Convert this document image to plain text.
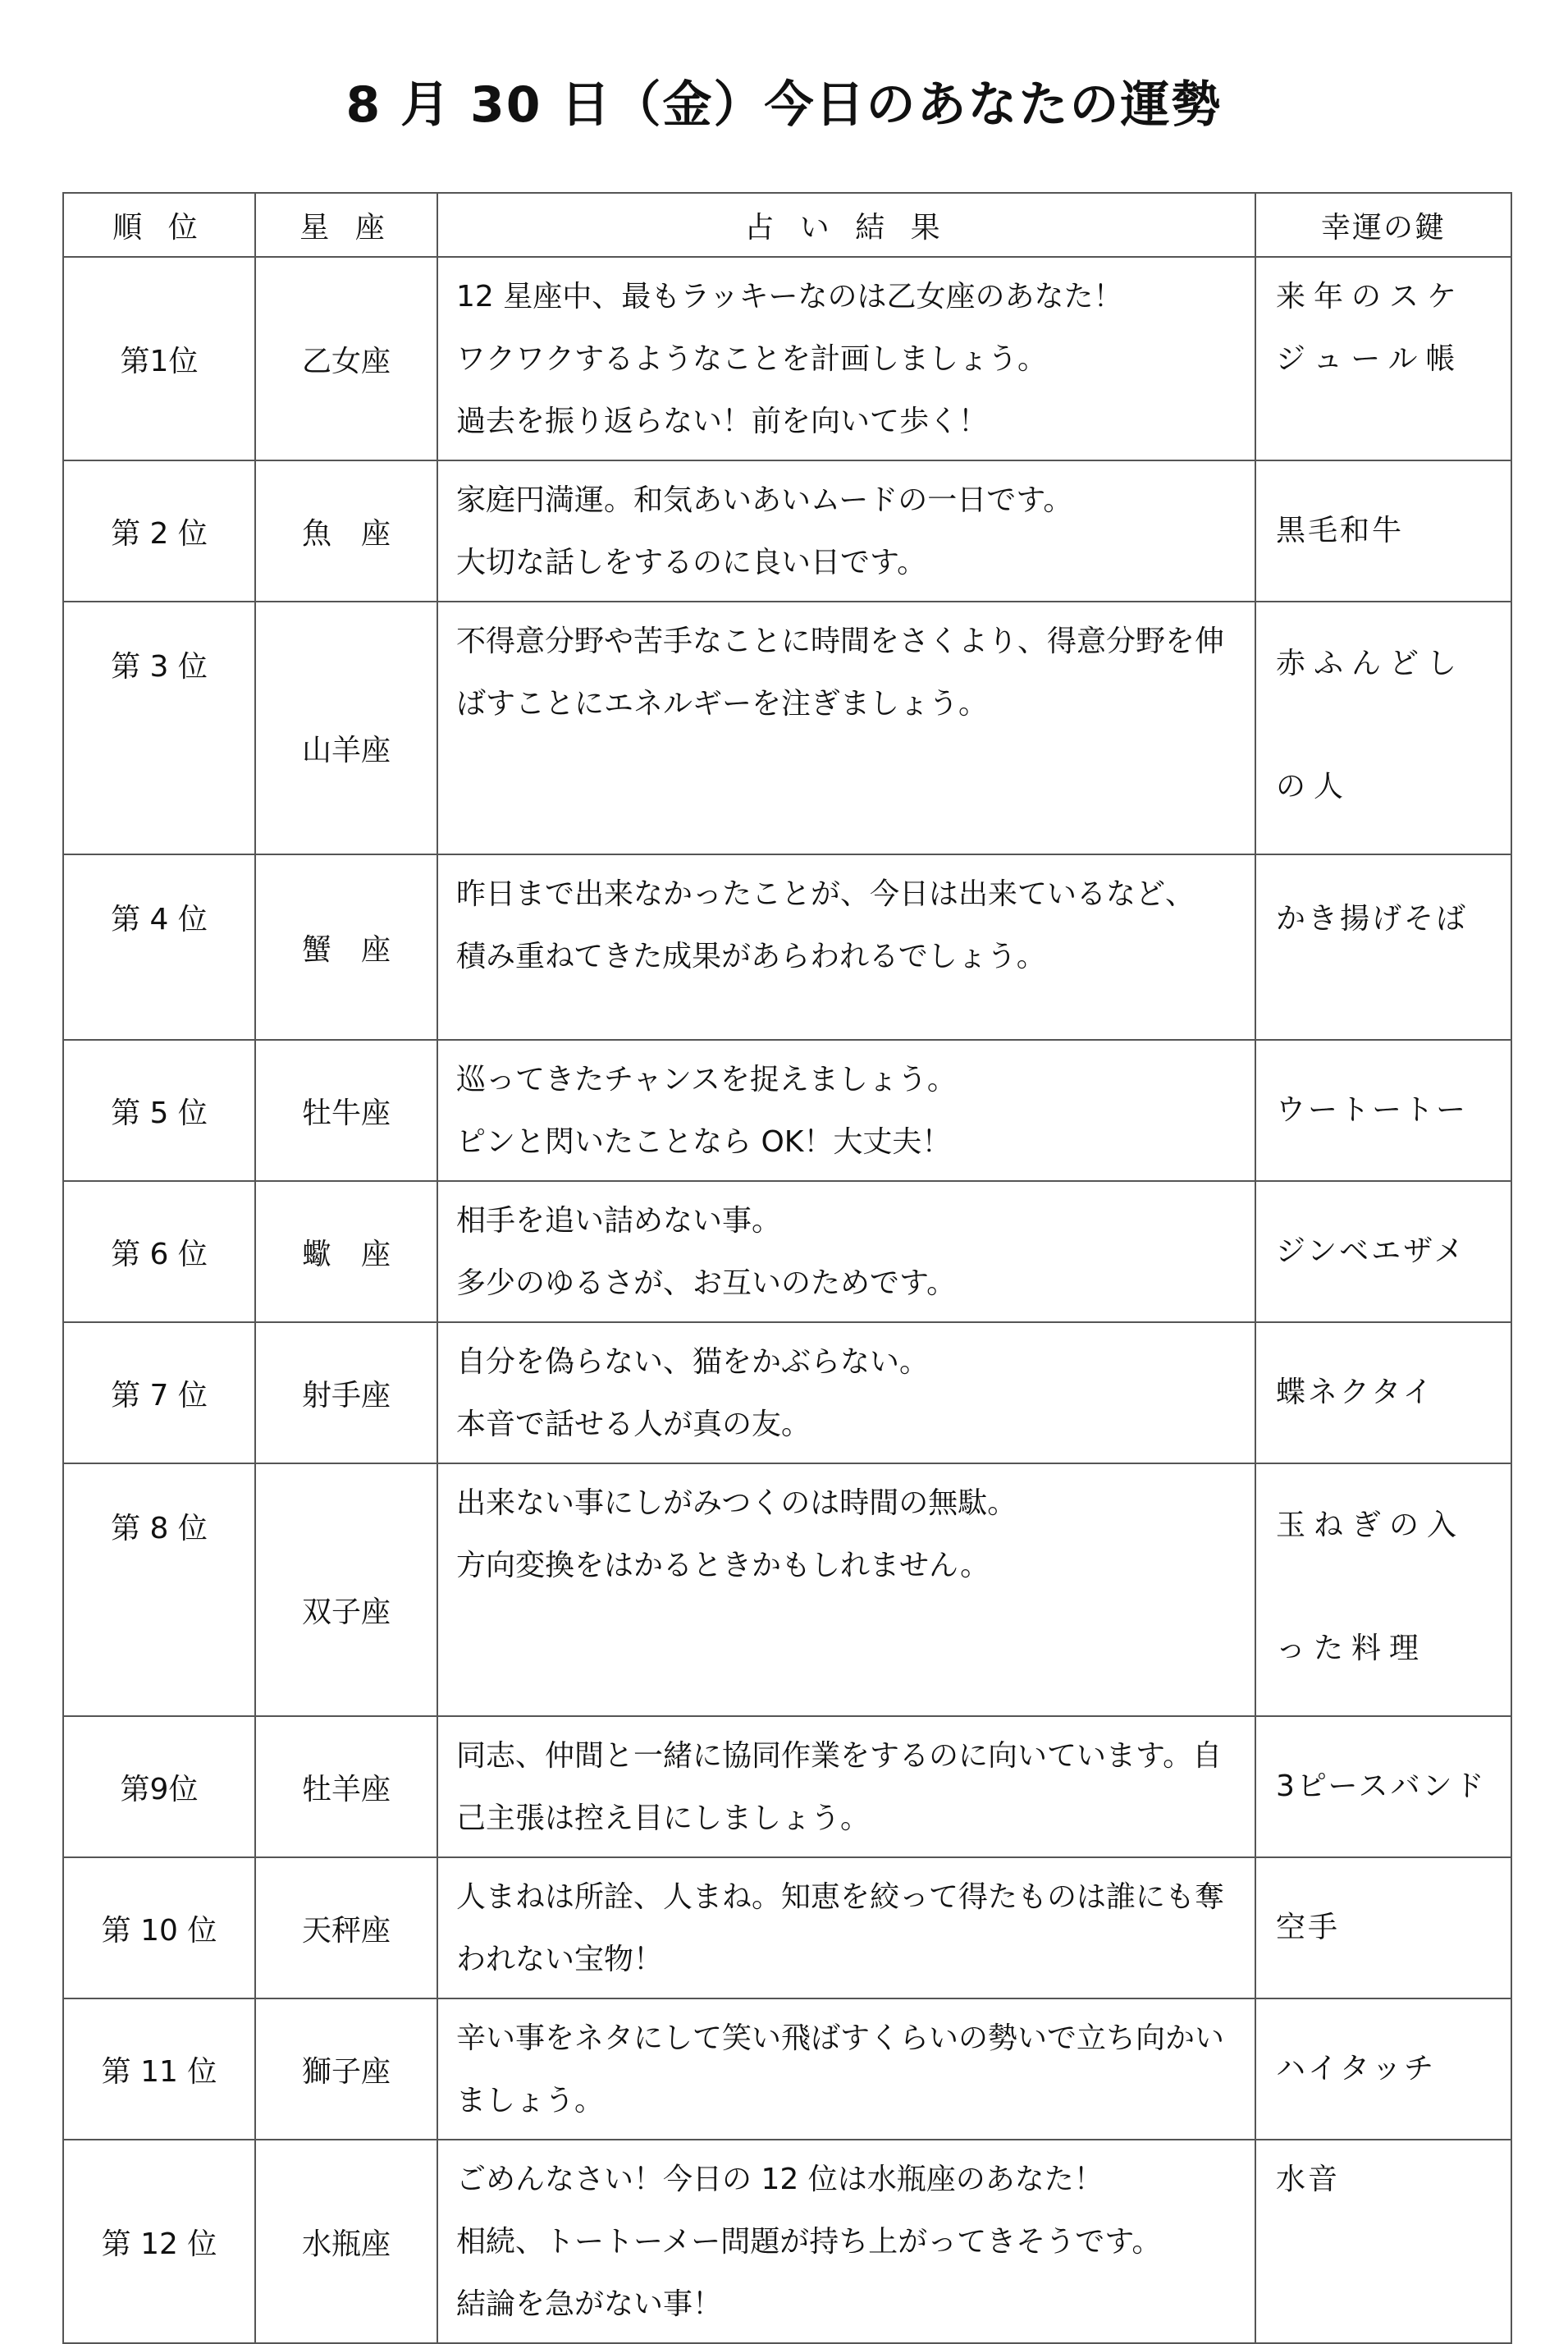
8 月 30 日（金）今日のあなたの運勢
順 位	星 座	占 い 結 果	幸運の鍵
第1位	乙女座	12 星座中、最もラッキーなのは乙女座のあなた！
ワクワクするようなことを計画しましょう。
過去を振り返らない！前を向いて歩く！	来年のスケジュール帳
第 2 位	魚　座	家庭円満運。和気あいあいムードの一日です。
大切な話しをするのに良い日です。	黒毛和牛
第 3 位	山羊座	不得意分野や苦手なことに時間をさくより、得意分野を伸ばすことにエネルギーを注ぎましょう。	赤ふんどしの人
第 4 位	蟹　座	昨日まで出来なかったことが、今日は出来ているなど、
積み重ねてきた成果があらわれるでしょう。	かき揚げそば
第 5 位	牡牛座	巡ってきたチャンスを捉えましょう。
ピンと閃いたことなら OK！大丈夫！	ウートートー
第 6 位	蠍　座	相手を追い詰めない事。
多少のゆるさが、お互いのためです。	ジンベエザメ
第 7 位	射手座	自分を偽らない、猫をかぶらない。
本音で話せる人が真の友。	蝶ネクタイ
第 8 位	双子座	出来ない事にしがみつくのは時間の無駄。
方向変換をはかるときかもしれません。	玉ねぎの入った料理
第9位	牡羊座	同志、仲間と一緒に協同作業をするのに向いています。自己主張は控え目にしましょう。	3ピースバンド
第 10 位	天秤座	人まねは所詮、人まね。知恵を絞って得たものは誰にも奪われない宝物！	空手
第 11 位	獅子座	辛い事をネタにして笑い飛ばすくらいの勢いで立ち向かいましょう。	ハイタッチ
第 12 位	水瓶座	ごめんなさい！今日の 12 位は水瓶座のあなた！
相続、トートーメー問題が持ち上がってきそうです。
結論を急がない事！	水音
